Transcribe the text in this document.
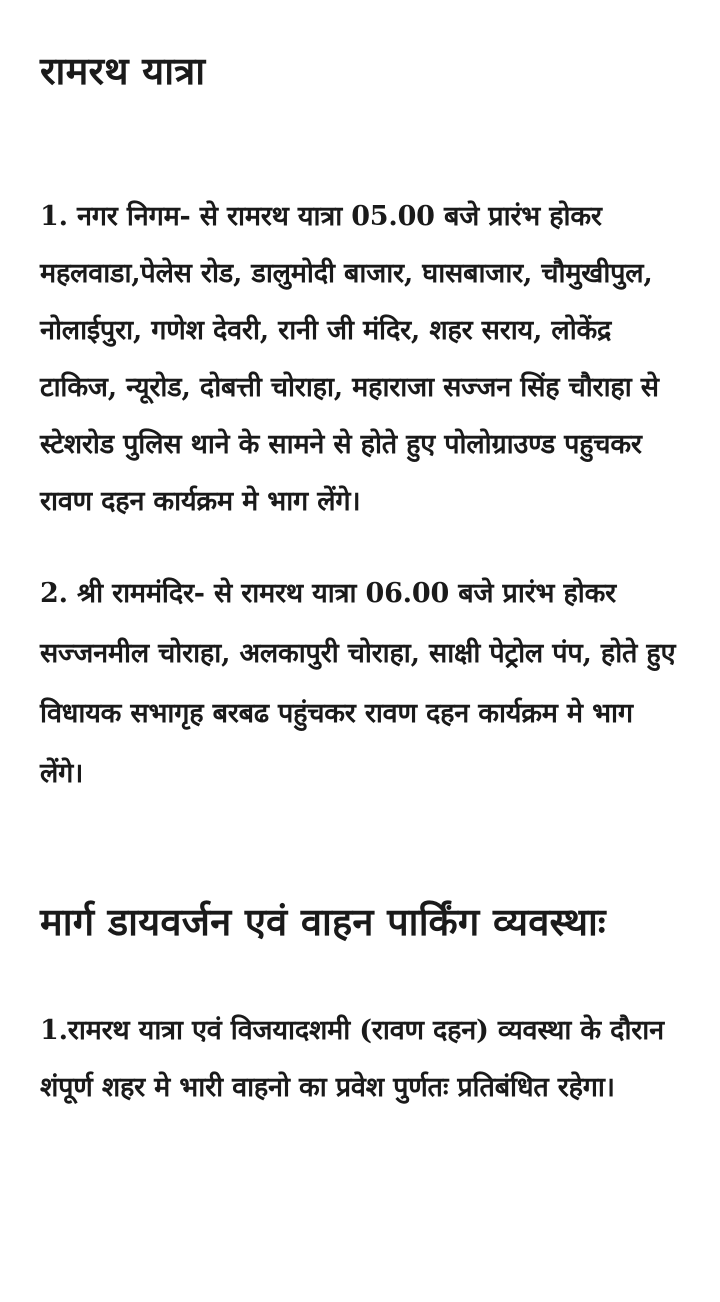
रामरथ यात्रा

1. नगर निगम- से रामरथ यात्रा 05.00 बजे प्रारंभ होकर महलवाडा,पेलेस रोड, डालुमोदी बाजार, घासबाजार, चौमुखीपुल, नोलाईपुरा, गणेश देवरी, रानी जी मंदिर, शहर सराय, लोकेंद्र टाकिज, न्यूरोड, दोबत्ती चोराहा, महाराजा सज्जन सिंह चौराहा से स्टेशरोड पुलिस थाने के सामने से होते हुए पोलोग्राउण्ड पहुचकर रावण दहन कार्यक्रम मे भाग लेंगे।

2. श्री राममंदिर- से रामरथ यात्रा 06.00 बजे प्रारंभ होकर सज्जनमील चोराहा, अलकापुरी चोराहा, साक्षी पेट्रोल पंप, होते हुए विधायक सभागृह बरबढ पहुंचकर रावण दहन कार्यक्रम मे भाग लेंगे।

मार्ग डायवर्जन एवं वाहन पार्किंग व्यवस्थाः

1.रामरथ यात्रा एवं विजयादशमी (रावण दहन) व्यवस्था के दौरान शंपूर्ण शहर मे भारी वाहनो का प्रवेश पुर्णतः प्रतिबंधित रहेगा।
